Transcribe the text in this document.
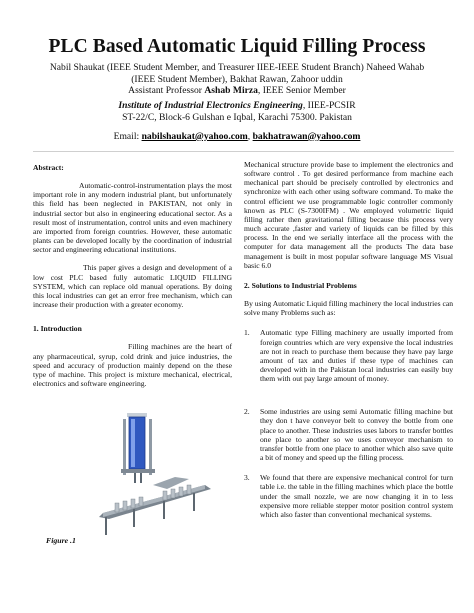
PLC Based Automatic Liquid Filling Process
Nabil Shaukat (IEEE Student Member, and Treasurer IIEE-IEEE Student Branch) Naheed Wahab
(IEEE Student Member), Bakhat Rawan, Zahoor uddin
Assistant Professor Ashab Mirza, IEEE Senior Member
Institute of Industrial Electronics Engineering, IIEE-PCSIR
ST-22/C, Block-6 Gulshan e Iqbal, Karachi 75300. Pakistan
Email: nabilshaukat@yahoo.com, bakhatrawan@yahoo.com

Abstract:

Automatic-control-instrumentation plays the most important role in any modern industrial plant, but unfortunately this field has been neglected in PAKISTAN, not only in industrial sector but also in engineering educational sector. As a result most of instrumentation, control units and even machinery are imported from foreign countries. However, these automatic plants can be developed locally by the coordination of industrial sector and engineering educational institutions.

This paper gives a design and development of a low cost PLC based fully automatic LIQUID FILLING SYSTEM, which can replace old manual operations. By doing this local industries can get an error free mechanism, which can increase their production with a greater economy.

1. Introduction

Filling machines are the heart of any pharmaceutical, syrup, cold drink and juice industries, the speed and accuracy of production mainly depend on the these type of machine. This project is mixture mechanical, electrical, electronics and software engineering.

Figure .1

Mechanical structure provide base to implement the electronics and software control . To get desired performance from machine each mechanical part should be precisely controlled by electronics and synchronize with each other using software command. To make the control efficient we use programmable logic controller commonly known as PLC (S-7300IFM) . We employed volumetric liquid filling rather then gravitational filling because this process very much accurate ,faster and variety of liquids can be filled by this process. In the end we serially interface all the process with the computer for data management all the products The data base management is built in most popular software language MS Visual basic 6.0

2. Solutions to Industrial Problems

By using Automatic Liquid filling machinery the local industries can solve many Problems such as:

1. Automatic type Filling machinery are usually imported from foreign countries which are very expensive the local industries are not in reach to purchase them because they have pay large amount of tax and duties if these type of machines can developed with in the Pakistan local industries can easily buy them with out pay large amount of money.
2. Some industries are using semi Automatic filling machine but they don t have conveyor belt to convey the bottle from one place to another. These industries uses labors to transfer bottles one place to another so we uses conveyor mechanism to transfer bottle from one place to another which also save quite a bit of money and speed up the filling process.
3. We found that there are expensive mechanical control for turn table i.e. the table in the filling machines which place the bottle under the small nozzle, we are now changing it in to less expensive more reliable stepper motor position control system which also faster than conventional mechanical systems.
